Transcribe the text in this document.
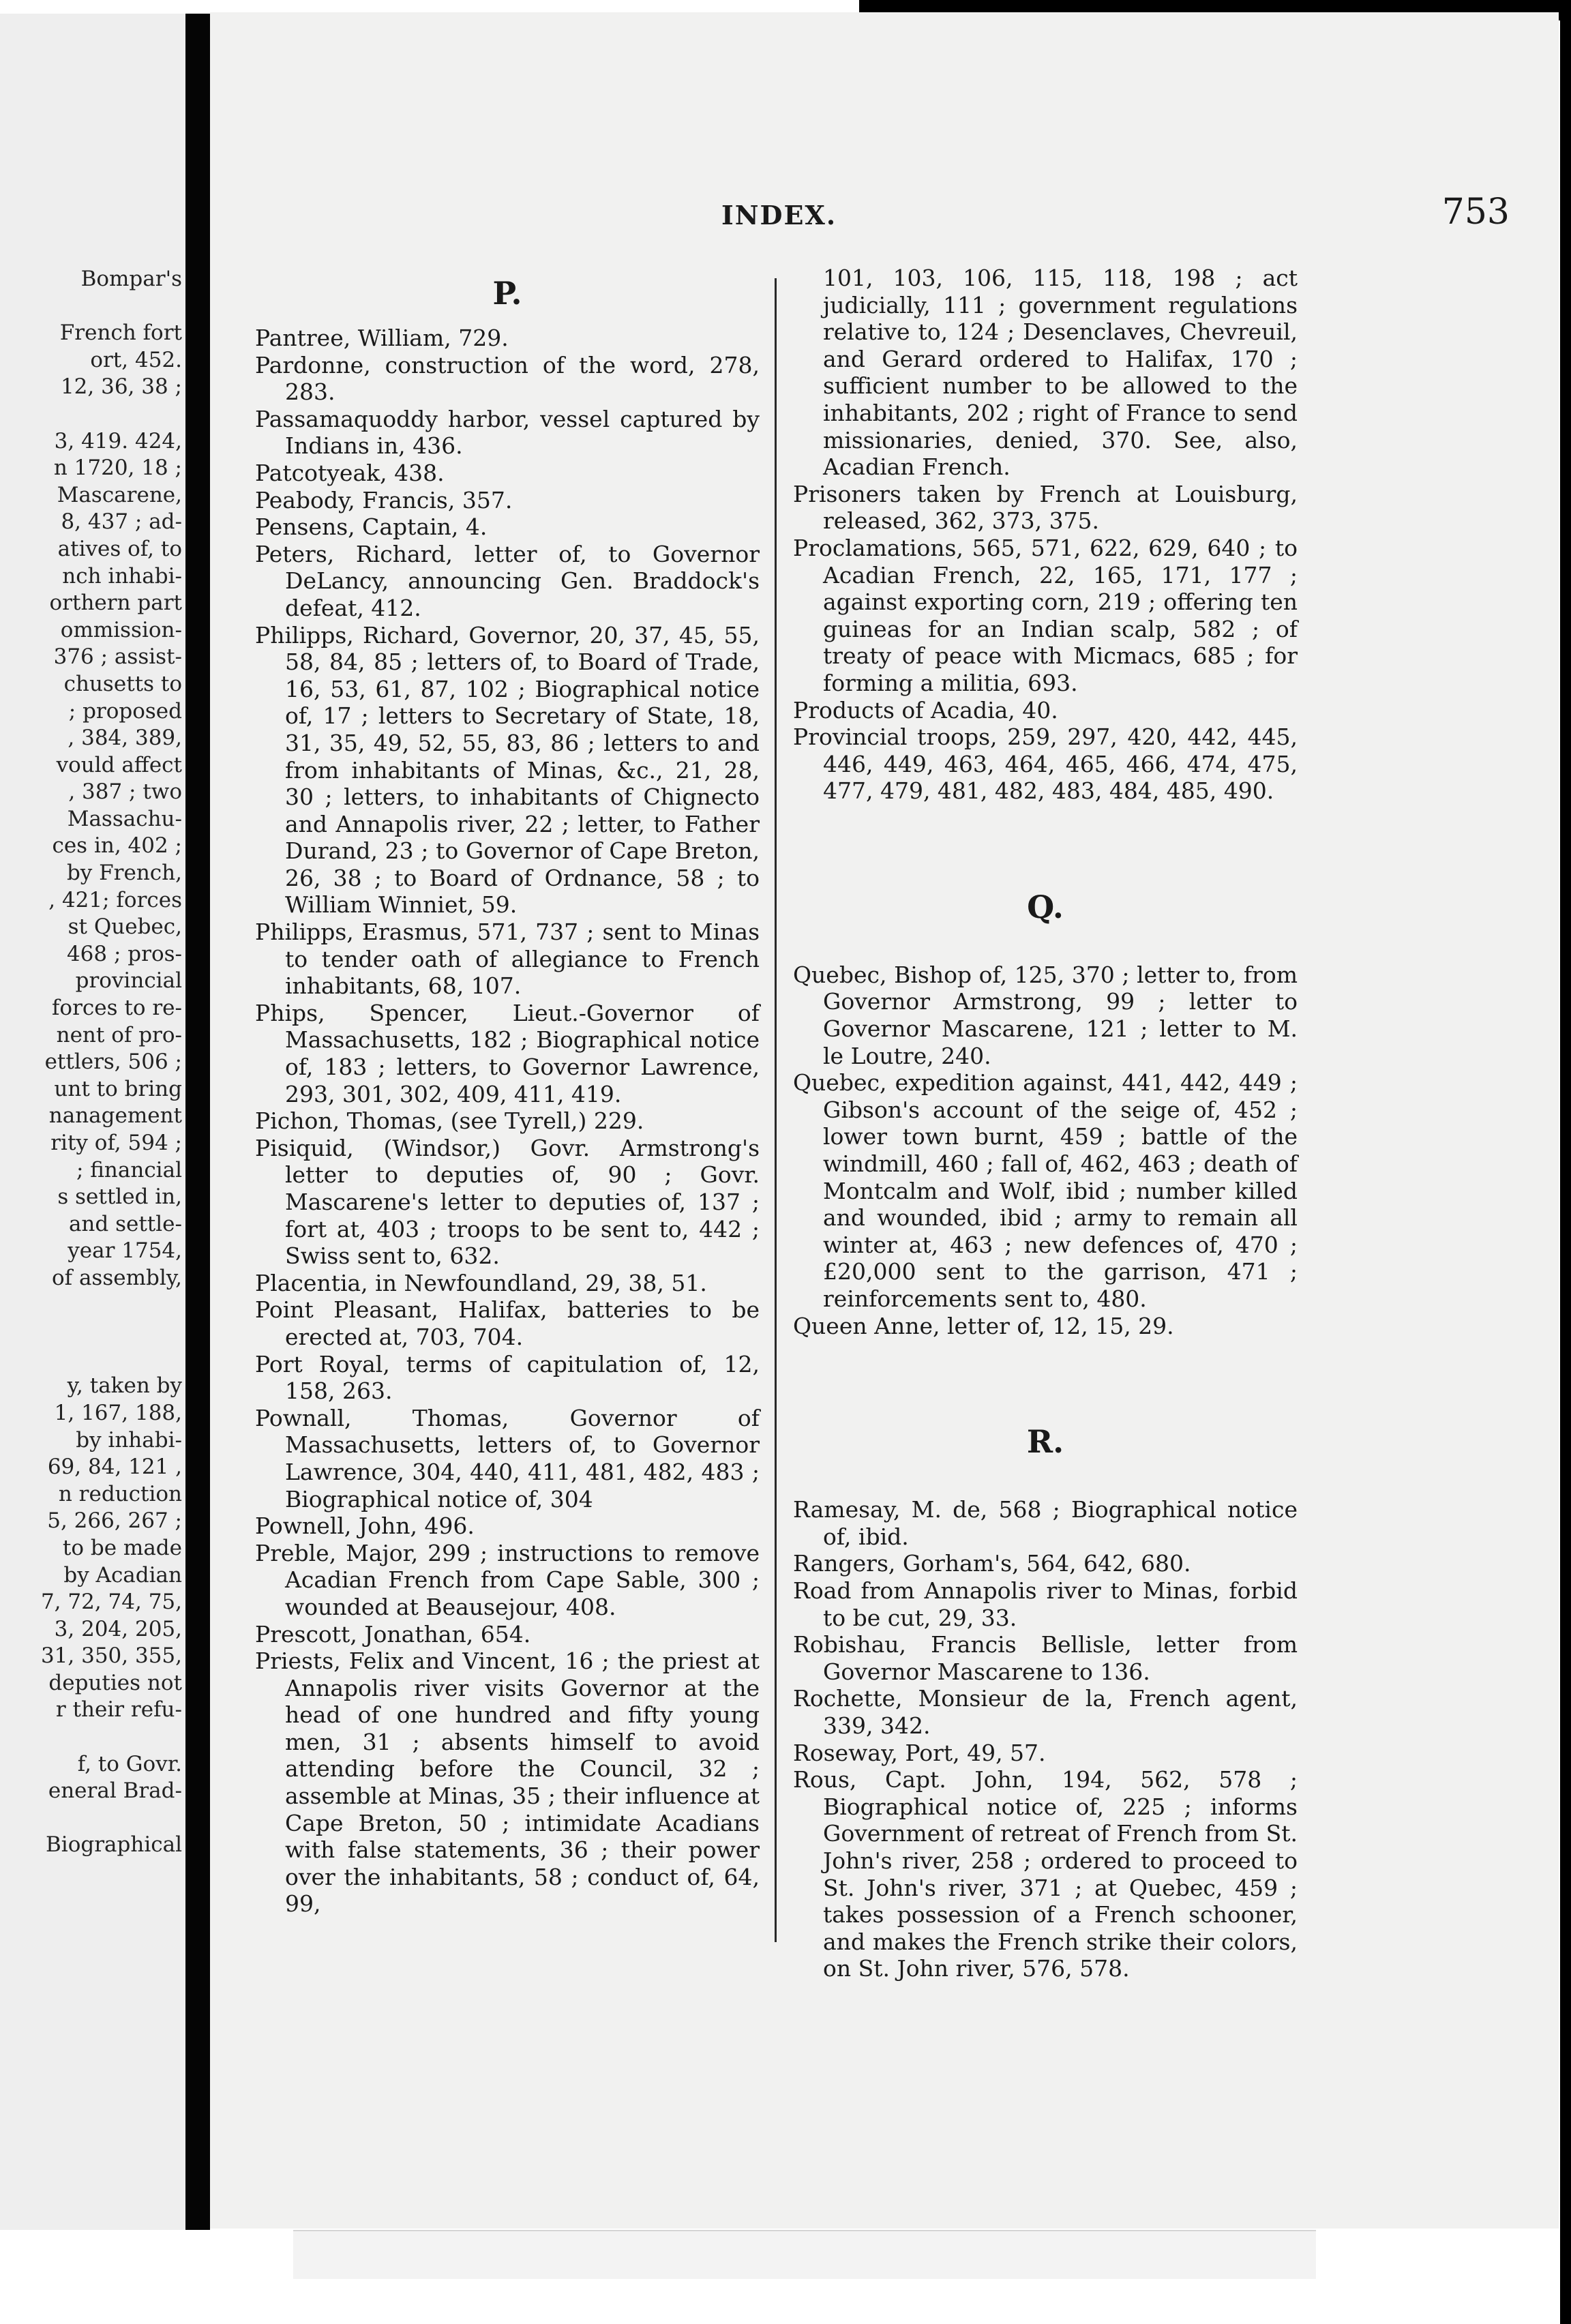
Bompar's
French fort
ort, 452.
12, 36, 38 ;
3, 419. 424,
n 1720, 18 ;
Mascarene,
8, 437 ; ad-
atives of, to
nch inhabi-
orthern part
ommission-
376 ; assist-
chusetts to
; proposed
, 384, 389,
vould affect
, 387 ; two
Massachu-
ces in, 402 ;
by French,
, 421; forces
st Quebec,
468 ; pros-
provincial
forces to re-
nent of pro-
ettlers, 506 ;
unt to bring
nanagement
rity of, 594 ;
; financial
s settled in,
and settle-
year 1754,
of assembly,
y, taken by
1, 167, 188,
by inhabi-
69, 84, 121 ,
n reduction
5, 266, 267 ;
to be made
by Acadian
7, 72, 74, 75,
3, 204, 205,
31, 350, 355,
deputies not
r their refu-
f, to Govr.
eneral Brad-
Biographical
INDEX.	753
P.

Pantree, William, 729.

Pardonne, construction of the word, 278, 283.

Passamaquoddy harbor, vessel captured by Indians in, 436.

Patcotyeak, 438.

Peabody, Francis, 357.

Pensens, Captain, 4.

Peters, Richard, letter of, to Governor DeLancy, announcing Gen. Braddock's defeat, 412.

Philipps, Richard, Governor, 20, 37, 45, 55, 58, 84, 85 ; letters of, to Board of Trade, 16, 53, 61, 87, 102 ; Biographical notice of, 17 ; letters to Secretary of State, 18, 31, 35, 49, 52, 55, 83, 86 ; letters to and from inhabitants of Minas, &c., 21, 28, 30 ; letters, to inhabitants of Chignecto and Annapolis river, 22 ; letter, to Father Durand, 23 ; to Governor of Cape Breton, 26, 38 ; to Board of Ordnance, 58 ; to William Winniet, 59.

Philipps, Erasmus, 571, 737 ; sent to Minas to tender oath of allegiance to French inhabitants, 68, 107.

Phips, Spencer, Lieut.-Governor of Massachusetts, 182 ; Biographical notice of, 183 ; letters, to Governor Lawrence, 293, 301, 302, 409, 411, 419.

Pichon, Thomas, (see Tyrell,) 229.

Pisiquid, (Windsor,) Govr. Armstrong's letter to deputies of, 90 ; Govr. Mascarene's letter to deputies of, 137 ; fort at, 403 ; troops to be sent to, 442 ; Swiss sent to, 632.

Placentia, in Newfoundland, 29, 38, 51.

Point Pleasant, Halifax, batteries to be erected at, 703, 704.

Port Royal, terms of capitulation of, 12, 158, 263.

Pownall, Thomas, Governor of Massachusetts, letters of, to Governor Lawrence, 304, 440, 411, 481, 482, 483 ; Biographical notice of, 304

Pownell, John, 496.

Preble, Major, 299 ; instructions to remove Acadian French from Cape Sable, 300 ; wounded at Beausejour, 408.

Prescott, Jonathan, 654.

Priests, Felix and Vincent, 16 ; the priest at Annapolis river visits Governor at the head of one hundred and fifty young men, 31 ; absents himself to avoid attending before the Council, 32 ; assemble at Minas, 35 ; their influence at Cape Breton, 50 ; intimidate Acadians with false statements, 36 ; their power over the inhabitants, 58 ; conduct of, 64, 99,

101, 103, 106, 115, 118, 198 ; act judicially, 111 ; government regulations relative to, 124 ; Desenclaves, Chevreuil, and Gerard ordered to Halifax, 170 ; sufficient number to be allowed to the inhabitants, 202 ; right of France to send missionaries, denied, 370. See, also, Acadian French.

Prisoners taken by French at Louisburg, released, 362, 373, 375.

Proclamations, 565, 571, 622, 629, 640 ; to Acadian French, 22, 165, 171, 177 ; against exporting corn, 219 ; offering ten guineas for an Indian scalp, 582 ; of treaty of peace with Micmacs, 685 ; for forming a militia, 693.

Products of Acadia, 40.

Provincial troops, 259, 297, 420, 442, 445, 446, 449, 463, 464, 465, 466, 474, 475, 477, 479, 481, 482, 483, 484, 485, 490.

Q.

Quebec, Bishop of, 125, 370 ; letter to, from Governor Armstrong, 99 ; letter to Governor Mascarene, 121 ; letter to M. le Loutre, 240.

Quebec, expedition against, 441, 442, 449 ; Gibson's account of the seige of, 452 ; lower town burnt, 459 ; battle of the windmill, 460 ; fall of, 462, 463 ; death of Montcalm and Wolf, ibid ; number killed and wounded, ibid ; army to remain all winter at, 463 ; new defences of, 470 ; £20,000 sent to the garrison, 471 ; reinforcements sent to, 480.

Queen Anne, letter of, 12, 15, 29.

R.

Ramesay, M. de, 568 ; Biographical notice of, ibid.

Rangers, Gorham's, 564, 642, 680.

Road from Annapolis river to Minas, forbid to be cut, 29, 33.

Robishau, Francis Bellisle, letter from Governor Mascarene to 136.

Rochette, Monsieur de la, French agent, 339, 342.

Roseway, Port, 49, 57.

Rous, Capt. John, 194, 562, 578 ; Biographical notice of, 225 ; informs Government of retreat of French from St. John's river, 258 ; ordered to proceed to St. John's river, 371 ; at Quebec, 459 ; takes possession of a French schooner, and makes the French strike their colors, on St. John river, 576, 578.
